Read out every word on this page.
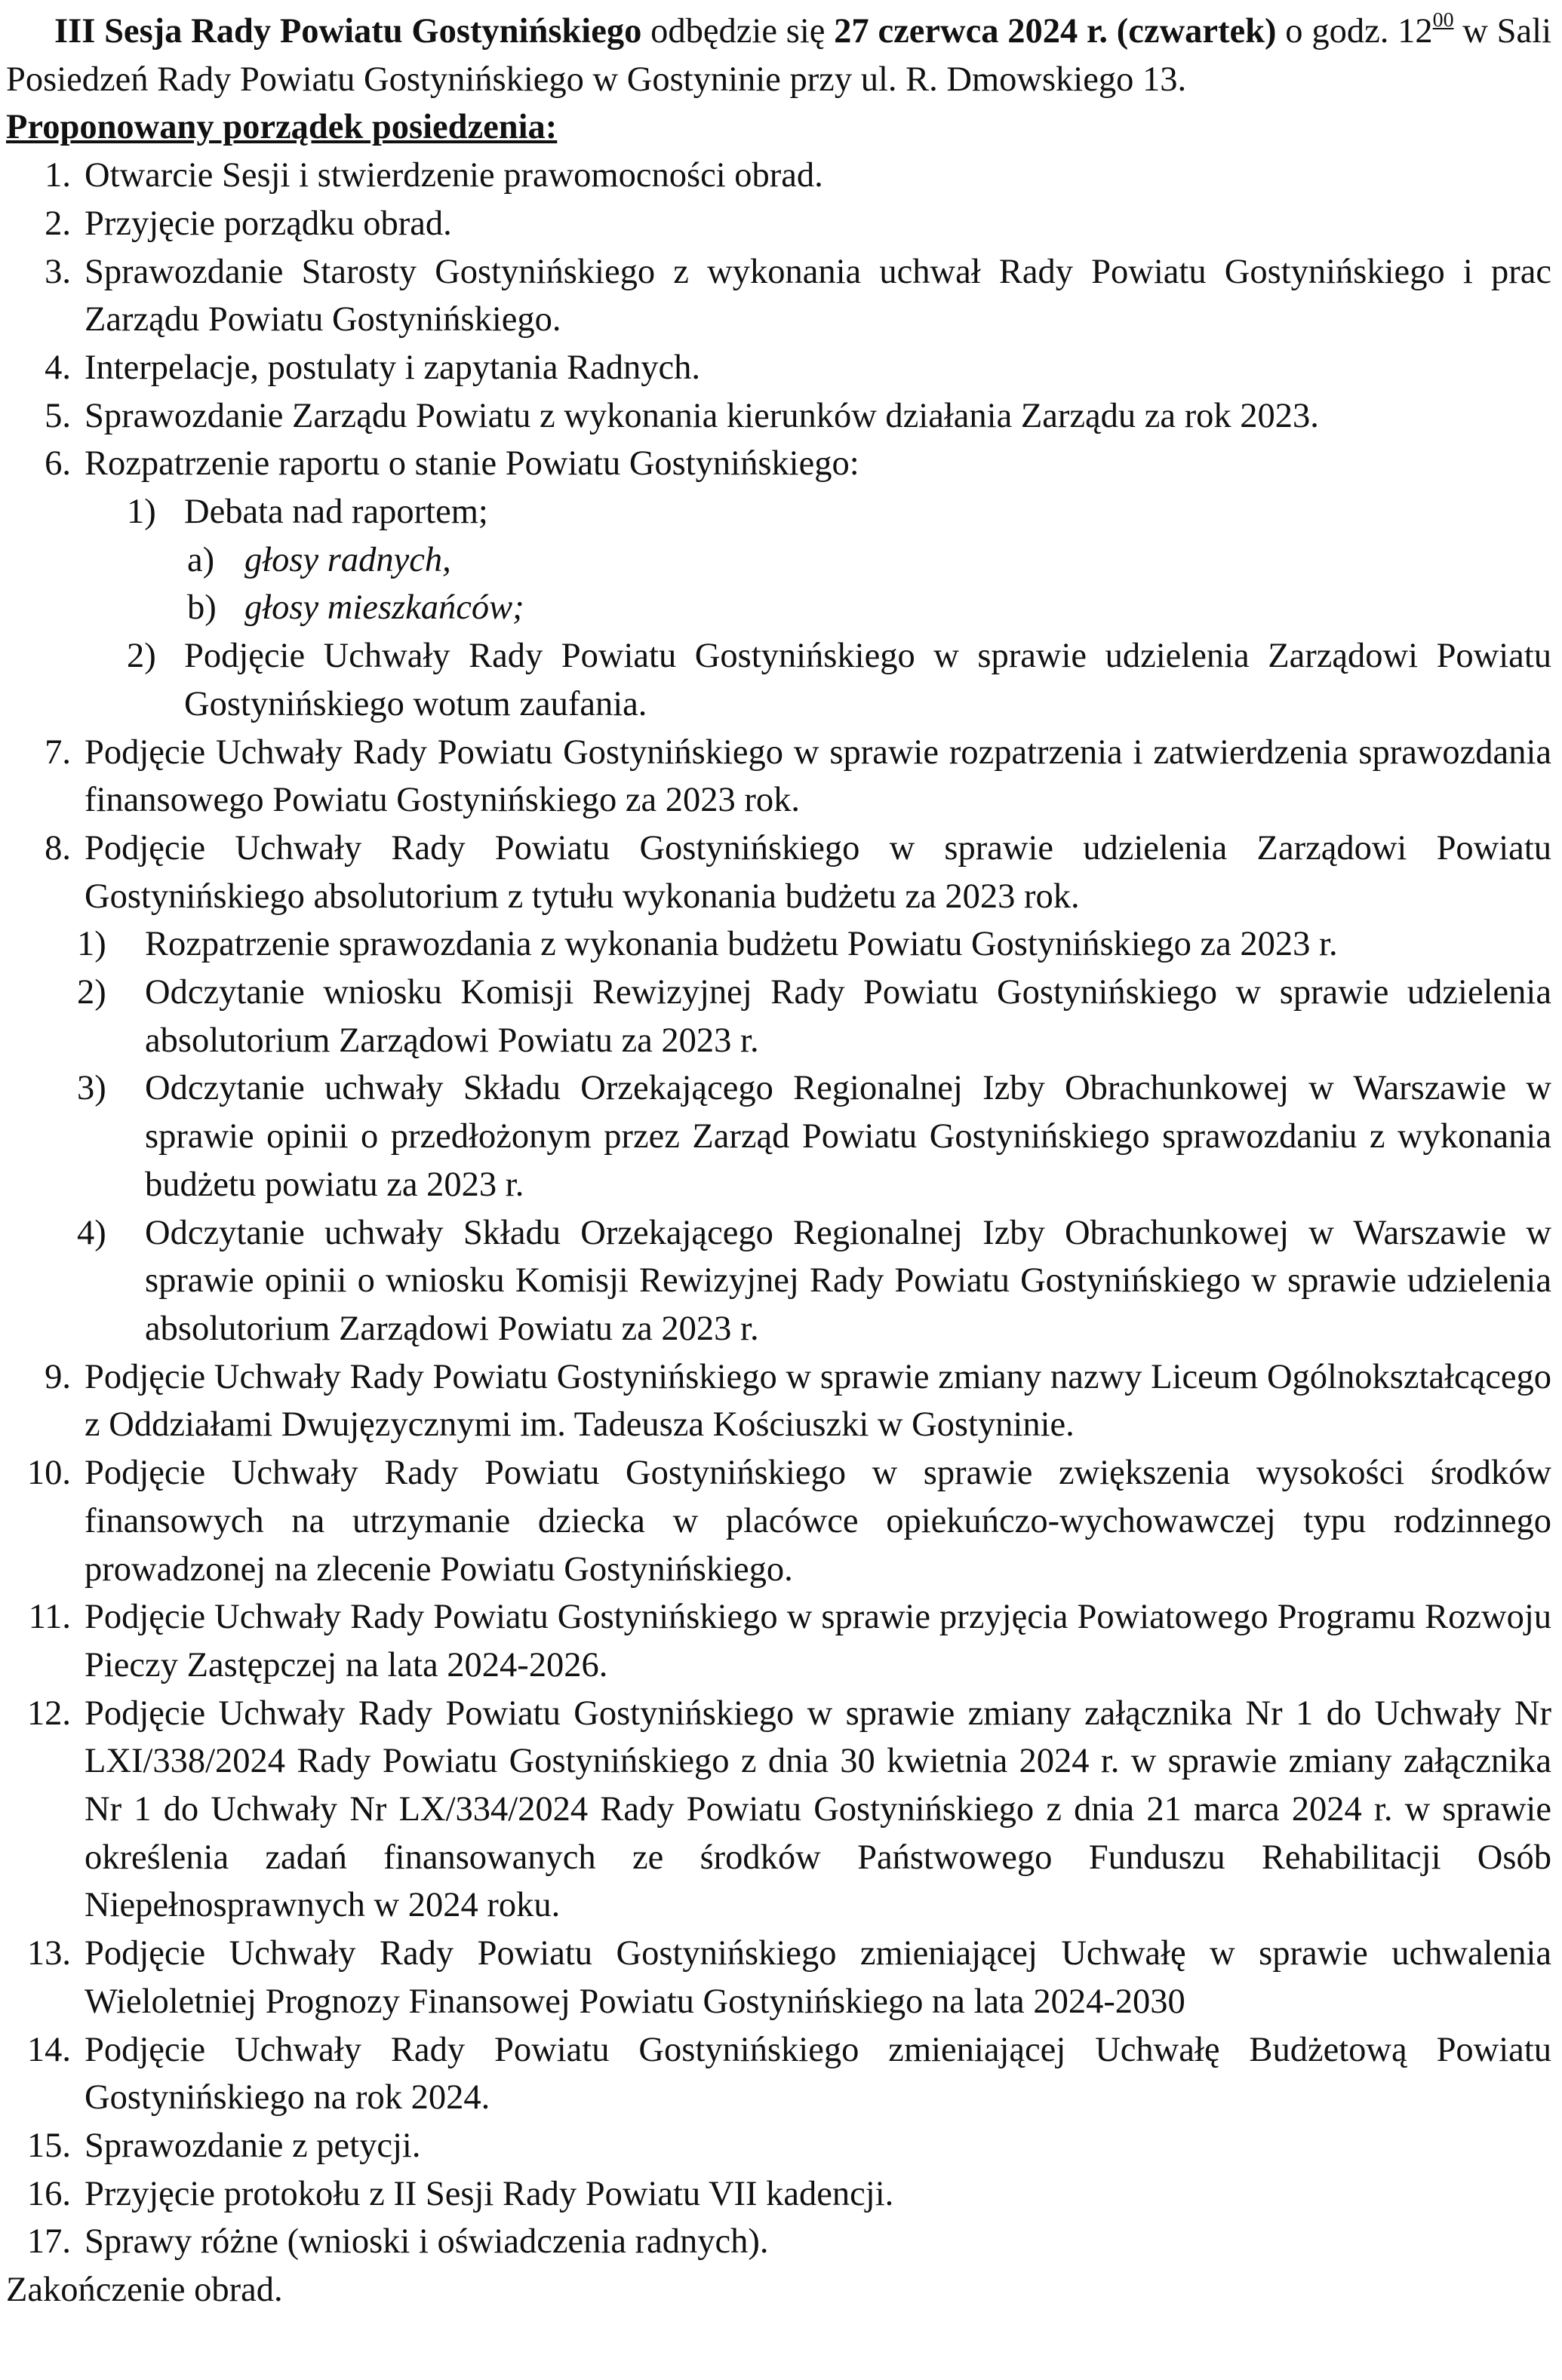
III Sesja Rady Powiatu Gostynińskiego odbędzie się 27 czerwca 2024 r. (czwartek) o godz. $12^{00}$ w Sali Posiedzeń Rady Powiatu Gostynińskiego w Gostyninie przy ul. R. Dmowskiego 13.

Proponowany porządek posiedzenia:

1. Otwarcie Sesji i stwierdzenie prawomocności obrad.
2. Przyjęcie porządku obrad.
3. Sprawozdanie Starosty Gostynińskiego z wykonania uchwał Rady Powiatu Gostynińskiego i prac Zarządu Powiatu Gostynińskiego.
4. Interpelacje, postulaty i zapytania Radnych.
5. Sprawozdanie Zarządu Powiatu z wykonania kierunków działania Zarządu za rok 2023.
6. Rozpatrzenie raportu o stanie Powiatu Gostynińskiego:
1) Debata nad raportem;
a) głosy radnych,
b) głosy mieszkańców;
2) Podjęcie Uchwały Rady Powiatu Gostynińskiego w sprawie udzielenia Zarządowi Powiatu Gostynińskiego wotum zaufania.
7. Podjęcie Uchwały Rady Powiatu Gostynińskiego w sprawie rozpatrzenia i zatwierdzenia sprawozdania finansowego Powiatu Gostynińskiego za 2023 rok.
8. Podjęcie Uchwały Rady Powiatu Gostynińskiego w sprawie udzielenia Zarządowi Powiatu Gostynińskiego absolutorium z tytułu wykonania budżetu za 2023 rok.
1) Rozpatrzenie sprawozdania z wykonania budżetu Powiatu Gostynińskiego za 2023 r.
2) Odczytanie wniosku Komisji Rewizyjnej Rady Powiatu Gostynińskiego w sprawie udzielenia absolutorium Zarządowi Powiatu za 2023 r.
3) Odczytanie uchwały Składu Orzekającego Regionalnej Izby Obrachunkowej w Warszawie w sprawie opinii o przedłożonym przez Zarząd Powiatu Gostynińskiego sprawozdaniu z wykonania budżetu powiatu za 2023 r.
4) Odczytanie uchwały Składu Orzekającego Regionalnej Izby Obrachunkowej w Warszawie w sprawie opinii o wniosku Komisji Rewizyjnej Rady Powiatu Gostynińskiego w sprawie udzielenia absolutorium Zarządowi Powiatu za 2023 r.
9. Podjęcie Uchwały Rady Powiatu Gostynińskiego w sprawie zmiany nazwy Liceum Ogólnokształcącego z Oddziałami Dwujęzycznymi im. Tadeusza Kościuszki w Gostyninie.
10. Podjęcie Uchwały Rady Powiatu Gostynińskiego w sprawie zwiększenia wysokości środków finansowych na utrzymanie dziecka w placówce opiekuńczo-wychowawczej typu rodzinnego prowadzonej na zlecenie Powiatu Gostynińskiego.
11. Podjęcie Uchwały Rady Powiatu Gostynińskiego w sprawie przyjęcia Powiatowego Programu Rozwoju Pieczy Zastępczej na lata 2024-2026.
12. Podjęcie Uchwały Rady Powiatu Gostynińskiego w sprawie zmiany załącznika Nr 1 do Uchwały Nr LXI/338/2024 Rady Powiatu Gostynińskiego z dnia 30 kwietnia 2024 r. w sprawie zmiany załącznika Nr 1 do Uchwały Nr LX/334/2024 Rady Powiatu Gostynińskiego z dnia 21 marca 2024 r. w sprawie określenia zadań finansowanych ze środków Państwowego Funduszu Rehabilitacji Osób Niepełnosprawnych w 2024 roku.
13. Podjęcie Uchwały Rady Powiatu Gostynińskiego zmieniającej Uchwałę w sprawie uchwalenia Wieloletniej Prognozy Finansowej Powiatu Gostynińskiego na lata 2024-2030
14. Podjęcie Uchwały Rady Powiatu Gostynińskiego zmieniającej Uchwałę Budżetową Powiatu Gostynińskiego na rok 2024.
15. Sprawozdanie z petycji.
16. Przyjęcie protokołu z II Sesji Rady Powiatu VII kadencji.
17. Sprawy różne (wnioski i oświadczenia radnych).

Zakończenie obrad.
